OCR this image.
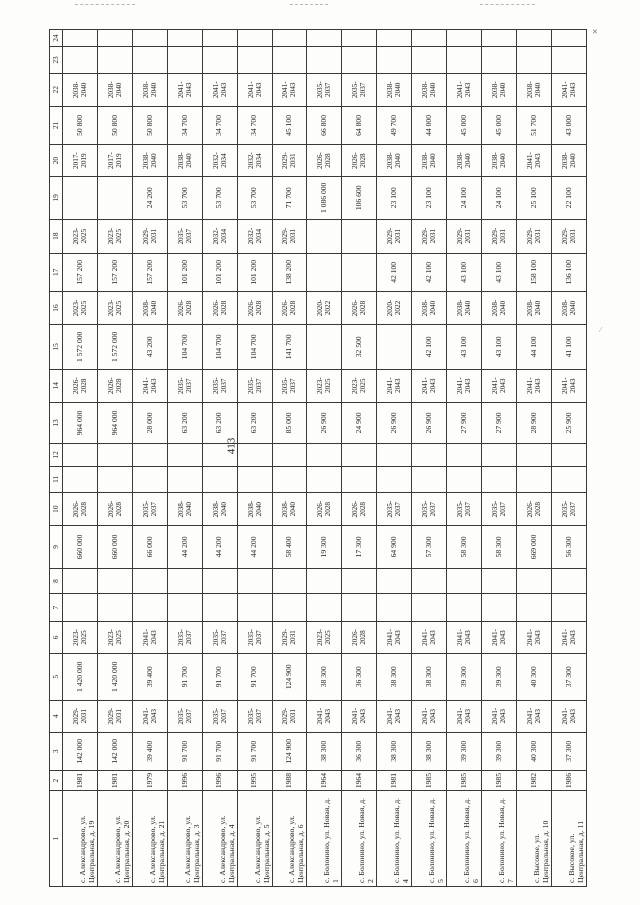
✕
⁄
413
1	2	3	4	5	6	7	8	9	10	11	12	13	14	15	16	17	18	19	20	21	22	23	24
с. Александрово, ул. Центральная, д. 19	1981	142 000	2029-2031	1 420 000	2023-2025			660 000	2026-2028			964 000	2026-2028	1 572 000	2023-2025	157 200	2023-2025		2017-2019	50 800	2038-2040		
с. Александрово, ул. Центральная, д. 20	1981	142 000	2029-2031	1 420 000	2023-2025			660 000	2026-2028			964 000	2026-2028	1 572 000	2023-2025	157 200	2023-2025		2017-2019	50 800	2038-2040		
с. Александрово, ул. Центральная, д. 21	1979	39 400	2041-2043	39 400	2041-2043			66 000	2035-2037			28 000	2041-2043	43 200	2038-2040	157 200	2029-2031	24 200	2038-2040	50 800	2038-2040		
с. Александрово, ул. Центральная, д. 3	1996	91 700	2035-2037	91 700	2035-2037			44 200	2038-2040			63 200	2035-2037	104 700	2026-2028	101 200	2035-2037	53 700	2038-2040	34 700	2041-2043		
с. Александрово, ул. Центральная, д. 4	1996	91 700	2035-2037	91 700	2035-2037			44 200	2038-2040			63 200	2035-2037	104 700	2026-2028	101 200	2032-2034	53 700	2032-2034	34 700	2041-2043		
с. Александрово, ул. Центральная, д. 5	1995	91 700	2035-2037	91 700	2035-2037			44 200	2038-2040			63 200	2035-2037	104 700	2026-2028	101 200	2032-2034	53 700	2032-2034	34 700	2041-2043		
с. Александрово, ул. Центральная, д. 6	1988	124 900	2029-2031	124 900	2029-2031			58 400	2038-2040			85 000	2035-2037	141 700	2026-2028	138 200	2029-2031	71 700	2029-2031	45 100	2041-2043		
с. Болонино, ул. Новая, д. 1	1964	38 300	2041-2043	38 300	2023-2025			19 300	2026-2028			26 900	2023-2025		2020-2022			1 086 000	2026-2028	66 800	2035-2037		
с. Болонино, ул. Новая, д. 2	1964	36 300	2041-2043	36 300	2026-2028			17 300	2026-2028			24 900	2023-2025	32 500	2026-2028			106 600	2026-2028	64 800	2035-2037		
с. Болонино, ул. Новая, д. 4	1981	38 300	2041-2043	38 300	2041-2043			64 900	2035-2037			26 900	2041-2043		2020-2022	42 100	2029-2031	23 100	2038-2040	49 700	2038-2040		
с. Болонино, ул. Новая, д. 5	1985	38 300	2041-2043	38 300	2041-2043			57 300	2035-2037			26 900	2041-2043	42 100	2038-2040	42 100	2029-2031	23 100	2038-2040	44 000	2038-2040		
с. Болонино, ул. Новая, д. 6	1985	39 300	2041-2043	39 300	2041-2043			58 300	2035-2037			27 900	2041-2043	43 100	2038-2040	43 100	2029-2031	24 100	2038-2040	45 000	2041-2043		
с. Болонино, ул. Новая, д. 7	1985	39 300	2041-2043	39 300	2041-2043			58 300	2035-2037			27 900	2041-2043	43 100	2038-2040	43 100	2029-2031	24 100	2038-2040	45 000	2038-2040		
с. Высокое, ул. Центральная, д. 10	1982	40 300	2041-2043	40 300	2041-2043			669 000	2026-2028			28 900	2041-2043	44 100	2038-2040	158 100	2029-2031	25 100	2041-2043	51 700	2038-2040		
с. Высокое, ул. Центральная, д. 11	1986	37 300	2041-2043	37 300	2041-2043			56 300	2035-2037			25 900	2041-2043	41 100	2038-2040	136 100	2029-2031	22 100	2038-2040	43 000	2041-2043		
